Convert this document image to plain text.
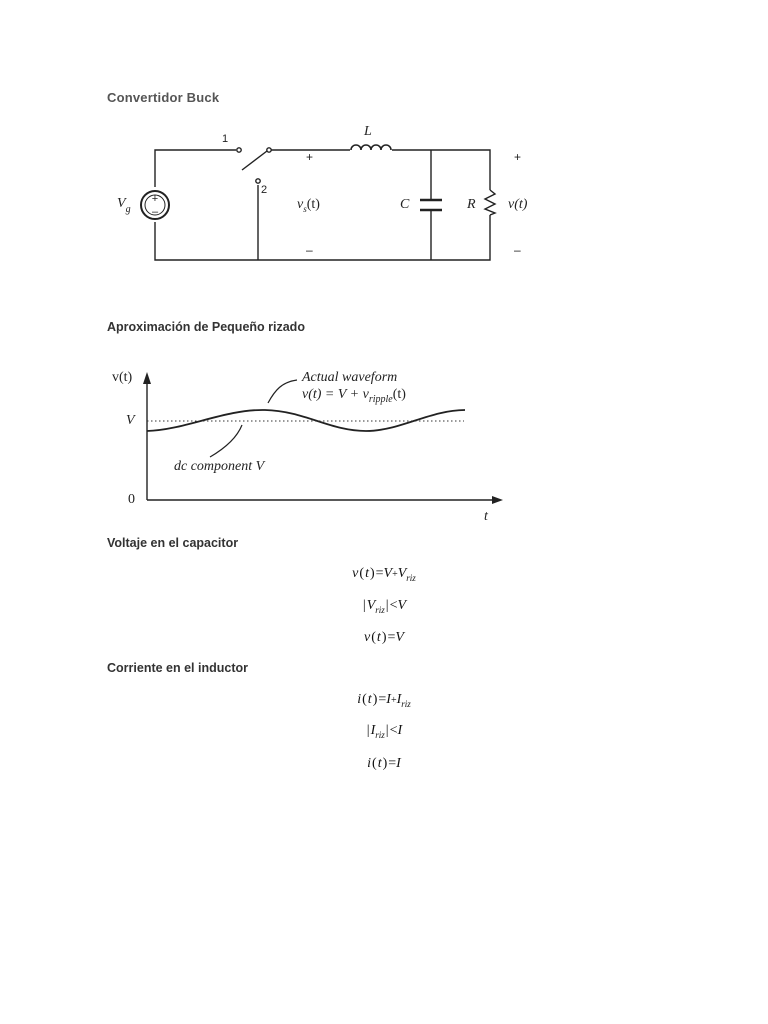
Convertidor Buck
+
–
1
2
L
$V_g$	$v_s(t)$	C	R v(t)
+
–
+
–
Aproximación de Pequeño rizado
v(t)
V
0
t
Actual waveform
$v(t) = V + v_{ripple}(t)$
dc component V
Voltaje en el capacitor
$v(t)=V+V_{riz}$
$|V_{riz}|<V$
v(t)=V
Corriente en el inductor
$i(t)=I+I_{riz}$
$|I_{riz}|<I$
i(t)=I
